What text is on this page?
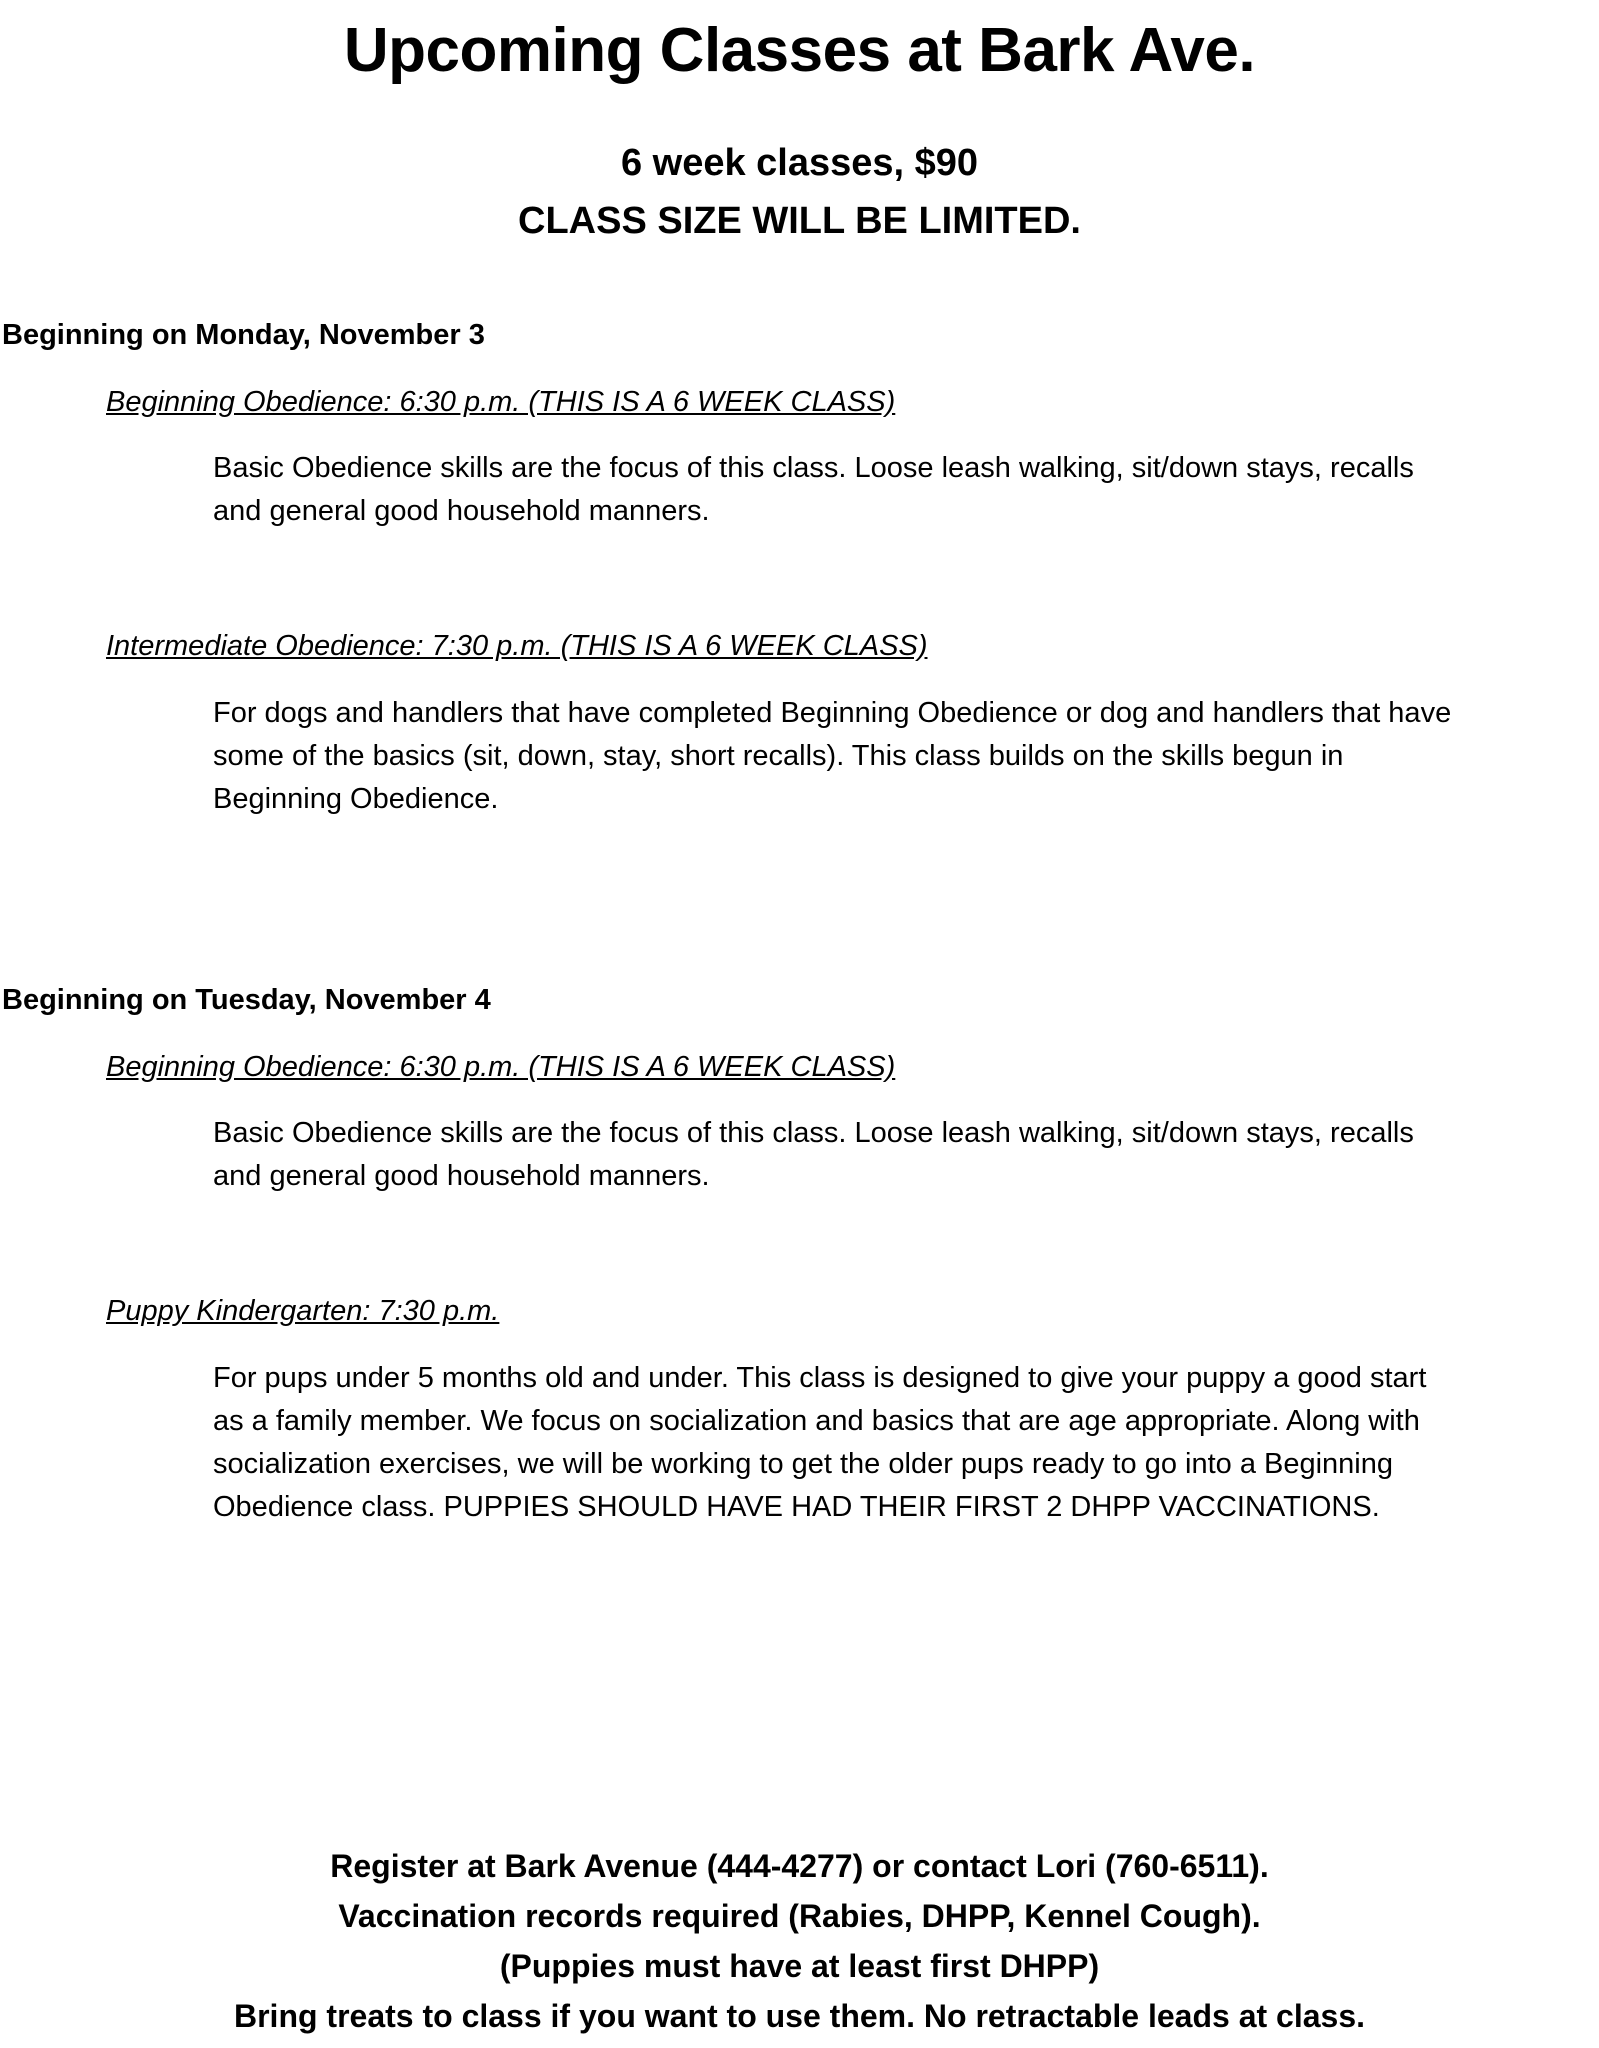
Upcoming Classes at Bark Ave.
6 week classes, $90
CLASS SIZE WILL BE LIMITED.
Beginning on Monday, November 3
Beginning Obedience: 6:30 p.m. (THIS IS A 6 WEEK CLASS)
Basic Obedience skills are the focus of this class. Loose leash walking, sit/down stays, recalls
and general good household manners.
Intermediate Obedience: 7:30 p.m. (THIS IS A 6 WEEK CLASS)
For dogs and handlers that have completed Beginning Obedience or dog and handlers that have
some of the basics (sit, down, stay, short recalls). This class builds on the skills begun in
Beginning Obedience.
Beginning on Tuesday, November 4
Beginning Obedience: 6:30 p.m. (THIS IS A 6 WEEK CLASS)
Basic Obedience skills are the focus of this class. Loose leash walking, sit/down stays, recalls
and general good household manners.
Puppy Kindergarten: 7:30 p.m.
For pups under 5 months old and under. This class is designed to give your puppy a good start
as a family member. We focus on socialization and basics that are age appropriate. Along with
socialization exercises, we will be working to get the older pups ready to go into a Beginning
Obedience class. PUPPIES SHOULD HAVE HAD THEIR FIRST 2 DHPP VACCINATIONS.
Register at Bark Avenue (444-4277) or contact Lori (760-6511).
Vaccination records required (Rabies, DHPP, Kennel Cough).
(Puppies must have at least first DHPP)
Bring treats to class if you want to use them. No retractable leads at class.
